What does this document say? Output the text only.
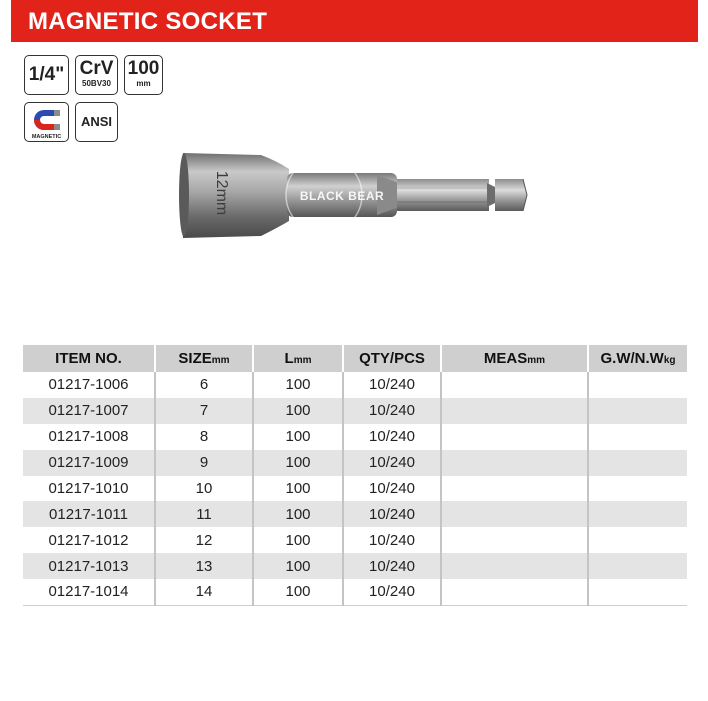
MAGNETIC SOCKET
1/4" CrV
50BV30
100
mm
MAGNETIC
ANSI
BLACK BEAR
12mm
ITEM NO.	SIZEmm	Lmm	QTY/PCS	MEASmm	G.W/N.Wkg
01217-1006	6	100	10/240		
01217-1007	7	100	10/240		
01217-1008	8	100	10/240		
01217-1009	9	100	10/240		
01217-1010	10	100	10/240		
01217-1011	11	100	10/240		
01217-1012	12	100	10/240		
01217-1013	13	100	10/240		
01217-1014	14	100	10/240		
